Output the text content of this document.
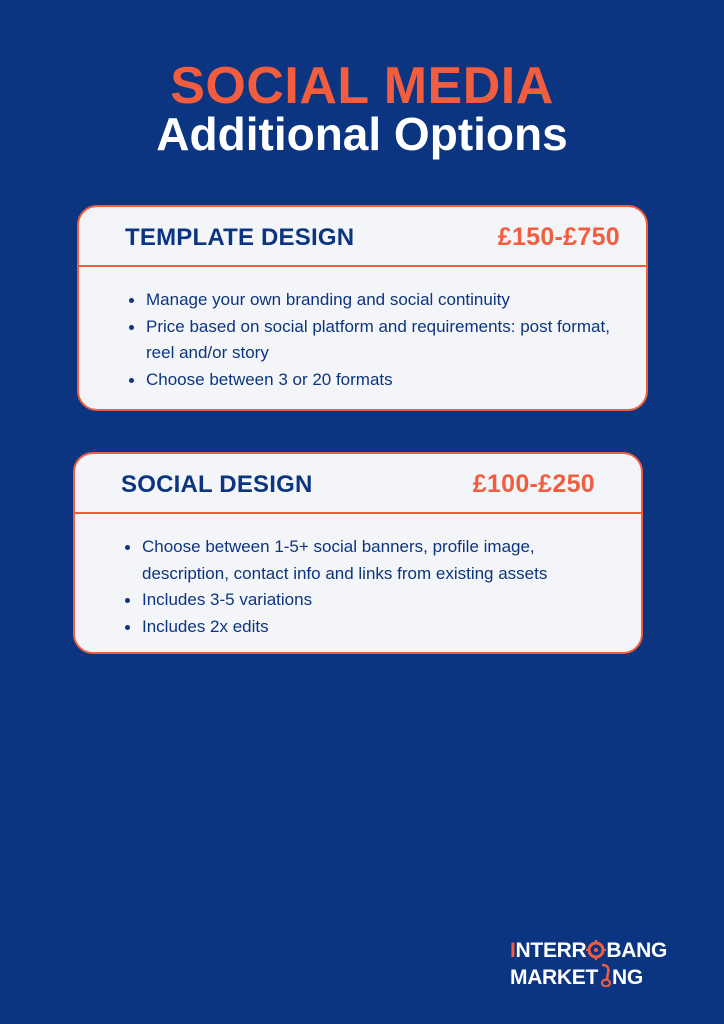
SOCIAL MEDIA
Additional Options
TEMPLATE DESIGN	£150-£750
Manage your own branding and social continuity
Price based on social platform and requirements: post format, reel and/or story
Choose between 3 or 20 formats
SOCIAL DESIGN	£100-£250
Choose between 1-5+ social banners, profile image, description, contact info and links from existing assets
Includes 3-5 variations
Includes 2x edits
INTERR BANG
MARKET NG
